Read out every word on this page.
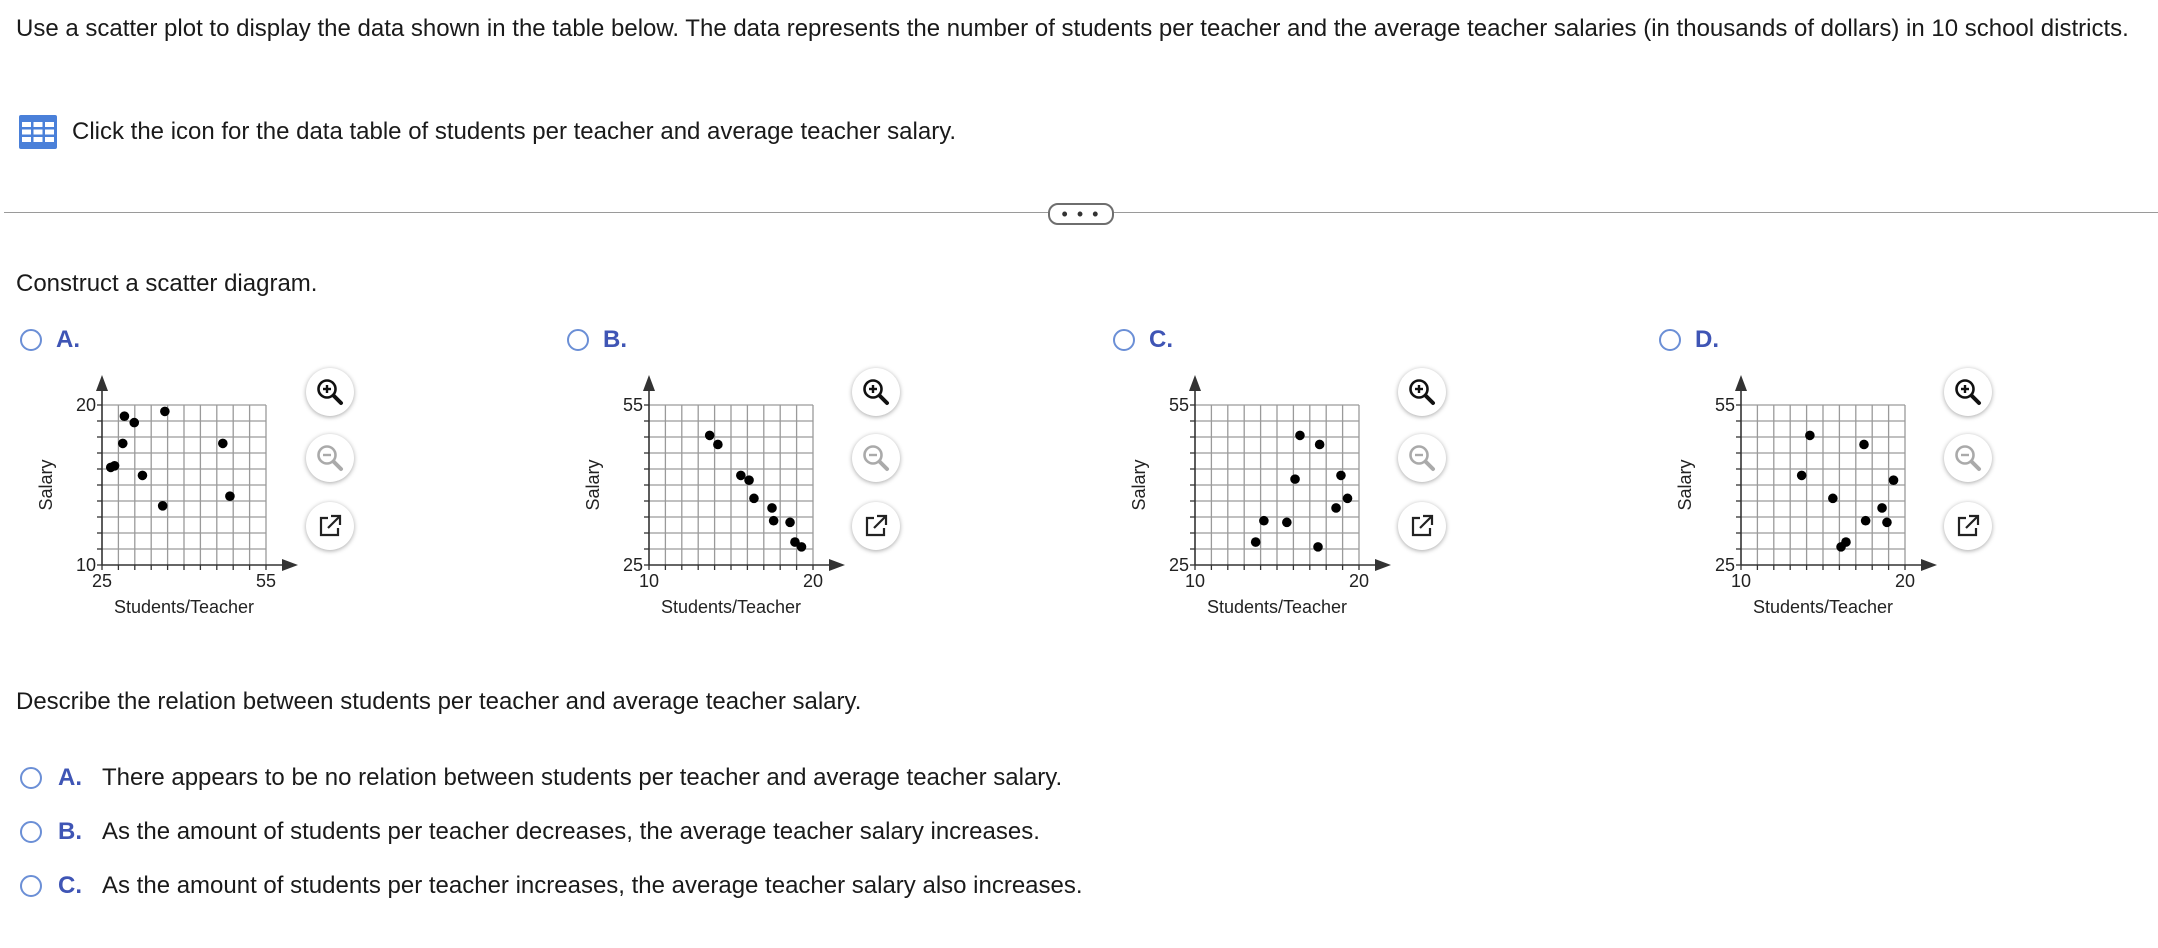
Use a scatter plot to display the data shown in the table below. The data represents the number of students per teacher and the average teacher salaries (in thousands of dollars) in 10 school districts.

Click the icon for the data table of students per teacher and average teacher salary.
• • •

Construct a scatter diagram.

A.
25	55
10
20
Students/Teacher
Salary
B.
10	20
25
55
Students/Teacher
Salary
C.
10	20
25
55
Students/Teacher
Salary
D.
10	20
25
55
Students/Teacher
Salary

Describe the relation between students per teacher and average teacher salary.

A. There appears to be no relation between students per teacher and average teacher salary.
B. As the amount of students per teacher decreases, the average teacher salary increases.
C. As the amount of students per teacher increases, the average teacher salary also increases.
